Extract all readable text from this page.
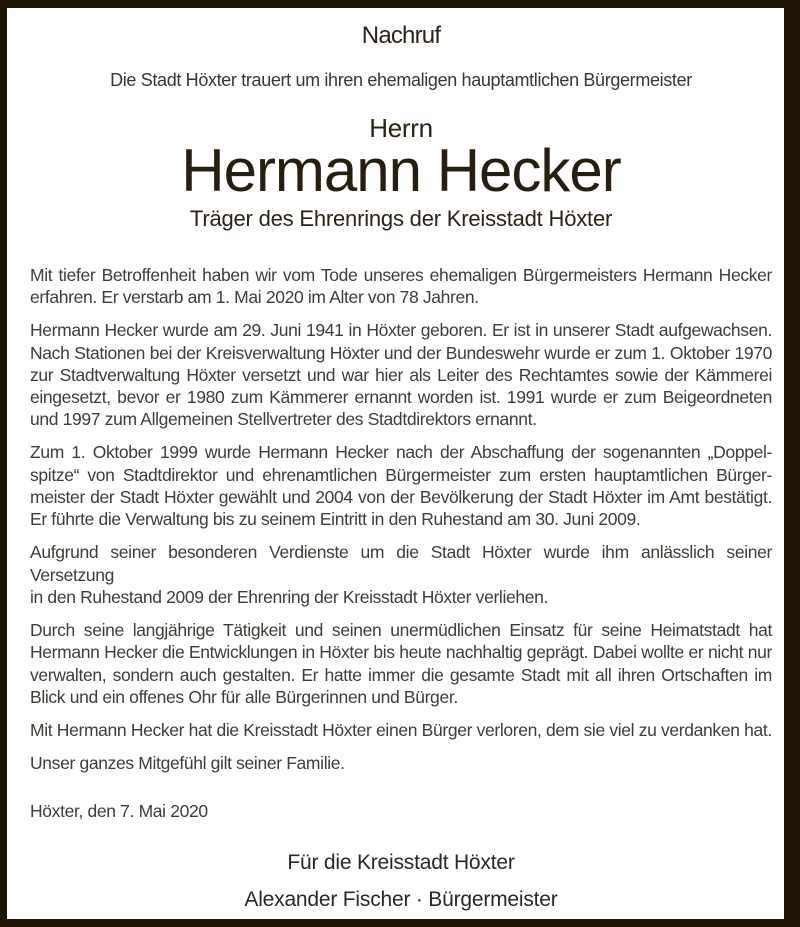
Nachruf

Die Stadt Höxter trauert um ihren ehemaligen hauptamtlichen Bürgermeister

Herrn

Hermann Hecker

Träger des Ehrenrings der Kreisstadt Höxter

Mit tiefer Betroffenheit haben wir vom Tode unseres ehemaligen Bürgermeisters Hermann Hecker
erfahren. Er verstarb am 1. Mai 2020 im Alter von 78 Jahren.

Hermann Hecker wurde am 29. Juni 1941 in Höxter geboren. Er ist in unserer Stadt aufgewachsen.
Nach Stationen bei der Kreisverwaltung Höxter und der Bundeswehr wurde er zum 1. Oktober 1970
zur Stadtverwaltung Höxter versetzt und war hier als Leiter des Rechtamtes sowie der Kämmerei
eingesetzt, bevor er 1980 zum Kämmerer ernannt worden ist. 1991 wurde er zum Beigeordneten
und 1997 zum Allgemeinen Stellvertreter des Stadtdirektors ernannt.

Zum 1. Oktober 1999 wurde Hermann Hecker nach der Abschaffung der sogenannten „Doppel-
spitze“ von Stadtdirektor und ehrenamtlichen Bürgermeister zum ersten hauptamtlichen Bürger-
meister der Stadt Höxter gewählt und 2004 von der Bevölkerung der Stadt Höxter im Amt bestätigt.
Er führte die Verwaltung bis zu seinem Eintritt in den Ruhestand am 30. Juni 2009.

Aufgrund seiner besonderen Verdienste um die Stadt Höxter wurde ihm anlässlich seiner Versetzung
in den Ruhestand 2009 der Ehrenring der Kreisstadt Höxter verliehen.

Durch seine langjährige Tätigkeit und seinen unermüdlichen Einsatz für seine Heimatstadt hat
Hermann Hecker die Entwicklungen in Höxter bis heute nachhaltig geprägt. Dabei wollte er nicht nur
verwalten, sondern auch gestalten. Er hatte immer die gesamte Stadt mit all ihren Ortschaften im
Blick und ein offenes Ohr für alle Bürgerinnen und Bürger.

Mit Hermann Hecker hat die Kreisstadt Höxter einen Bürger verloren, dem sie viel zu verdanken hat.

Unser ganzes Mitgefühl gilt seiner Familie.

Höxter, den 7. Mai 2020

Für die Kreisstadt Höxter

Alexander Fischer · Bürgermeister
